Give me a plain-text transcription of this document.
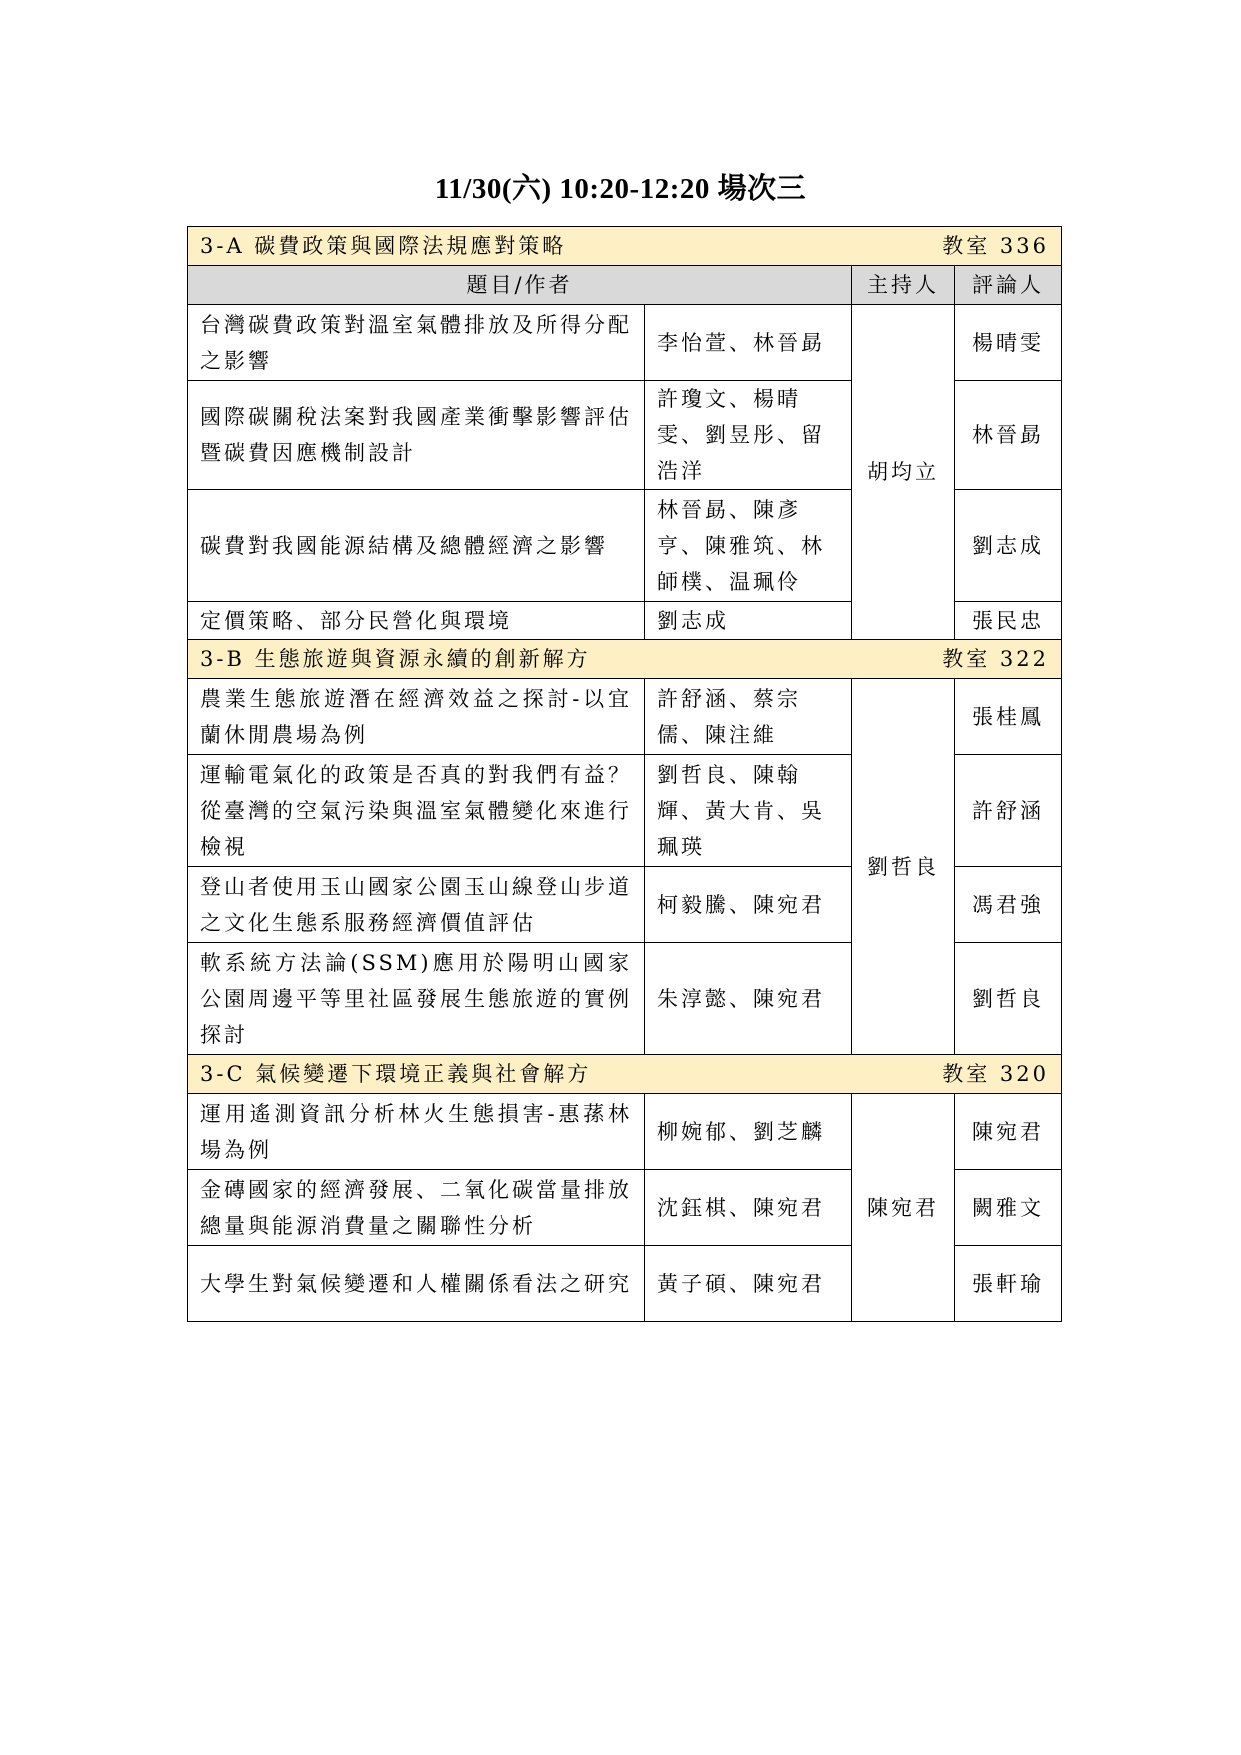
11/30(六) 10:20-12:20 場次三
3-A 碳費政策與國際法規應對策略 教室 336			

題目/作者		主持人	評論人
台灣碳費政策對溫室氣體排放及所得分配之影響	李怡萱、林晉勗	胡均立	楊晴雯
國際碳關稅法案對我國產業衝擊影響評估暨碳費因應機制設計	許瓊文、楊晴雯、劉昱彤、留浩洋		林晉勗
碳費對我國能源結構及總體經濟之影響	林晉勗、陳彥亨、陳雅筑、林師樸、温珮伶		劉志成
定價策略、部分民營化與環境	劉志成		張民忠

3-B 生態旅遊與資源永續的創新解方 教室 322			

農業生態旅遊潛在經濟效益之探討-以宜蘭休閒農場為例	許舒涵、蔡宗儒、陳注維	劉哲良	張桂鳳
運輸電氣化的政策是否真的對我們有益？從臺灣的空氣污染與溫室氣體變化來進行檢視	劉哲良、陳翰輝、黃大肯、吳珮瑛		許舒涵
登山者使用玉山國家公園玉山線登山步道之文化生態系服務經濟價值評估	柯毅騰、陳宛君		馮君強
軟系統方法論(SSM)應用於陽明山國家公園周邊平等里社區發展生態旅遊的實例探討	朱淳懿、陳宛君		劉哲良

3-C 氣候變遷下環境正義與社會解方 教室 320			

運用遙測資訊分析林火生態損害-惠蓀林場為例	柳婉郁、劉芝麟	陳宛君	陳宛君
金磚國家的經濟發展、二氧化碳當量排放總量與能源消費量之關聯性分析	沈鈺棋、陳宛君		闕雅文
大學生對氣候變遷和人權關係看法之研究	黃子碩、陳宛君		張軒瑜
